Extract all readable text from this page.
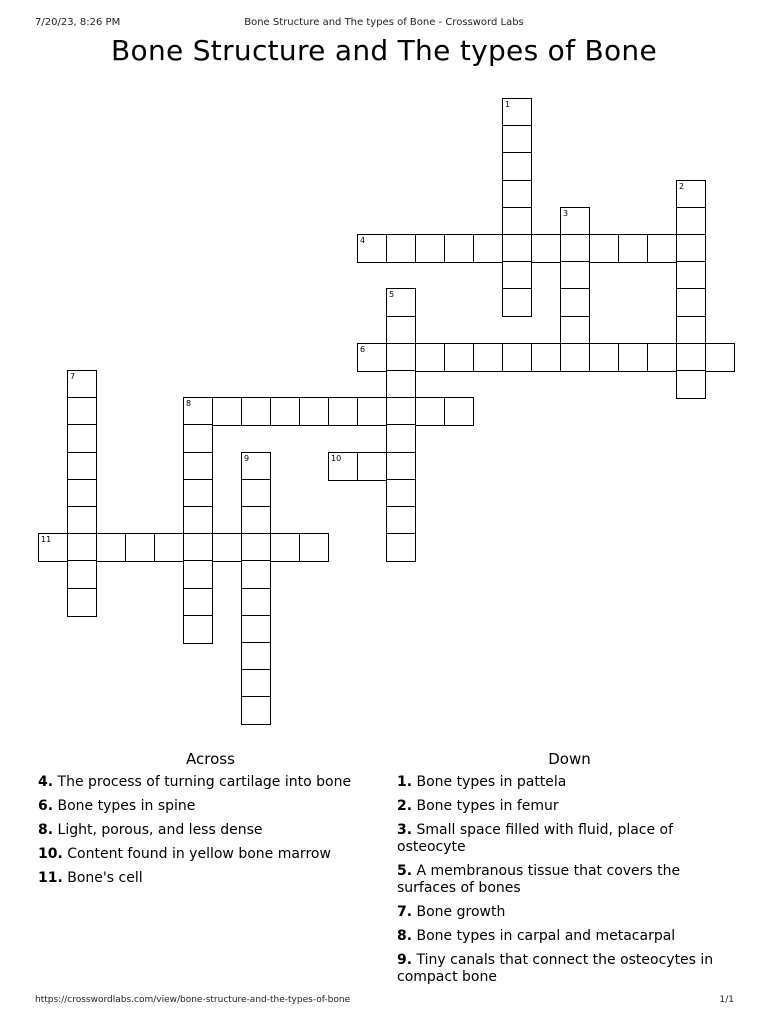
7/20/23, 8:26 PM	Bone Structure and The types of Bone - Crossword Labs
Bone Structure and The types of Bone
1
2
3
4
5
6
7
8
9	10
11
Across
4. The process of turning cartilage into bone
6. Bone types in spine
8. Light, porous, and less dense
10. Content found in yellow bone marrow
11. Bone's cell
Down
1. Bone types in pattela
2. Bone types in femur
3. Small space filled with fluid, place of osteocyte
5. A membranous tissue that covers the surfaces of bones
7. Bone growth
8. Bone types in carpal and metacarpal
9. Tiny canals that connect the osteocytes in compact bone
https://crosswordlabs.com/view/bone-structure-and-the-types-of-bone	1/1
